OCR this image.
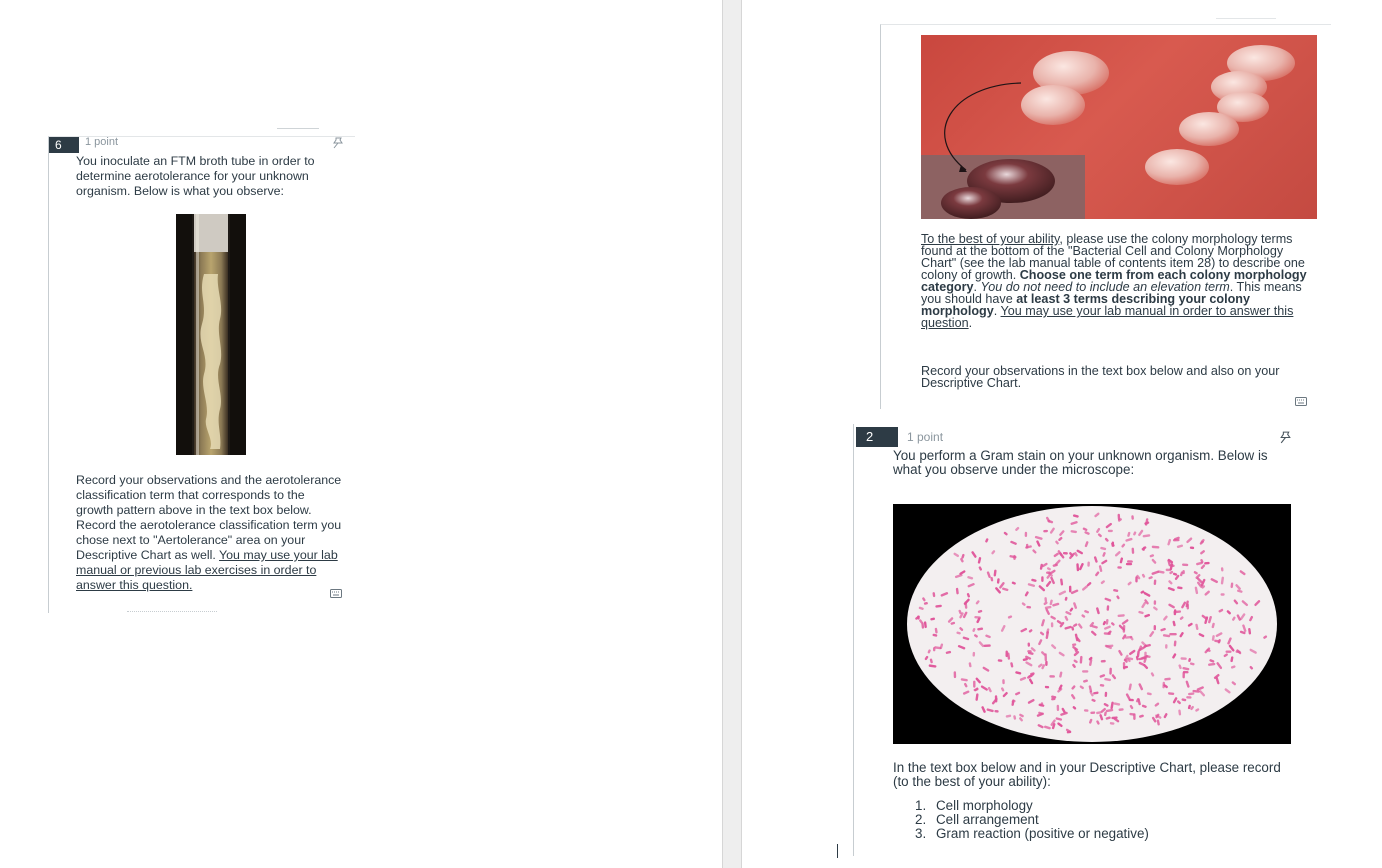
6	1 point
You inoculate an FTM broth tube in order to determine aerotolerance for your unknown organism. Below is what you observe:
Record your observations and the aerotolerance classification term that corresponds to the growth pattern above in the text box below. Record the aerotolerance classification term you chose next to "Aertolerance" area on your Descriptive Chart as well. You may use your lab manual or previous lab exercises in order to answer this question.
To the best of your ability, please use the colony morphology terms found at the bottom of the "Bacterial Cell and Colony Morphology Chart" (see the lab manual table of contents item 28) to describe one colony of growth. Choose one term from each colony morphology category. You do not need to include an elevation term. This means you should have at least 3 terms describing your colony morphology. You may use your lab manual in order to answer this question.
Record your observations in the text box below and also on your Descriptive Chart.
2	1 point
You perform a Gram stain on your unknown organism. Below is what you observe under the microscope:
In the text box below and in your Descriptive Chart, please record (to the best of your ability):
1. Cell morphology
2. Cell arrangement
3. Gram reaction (positive or negative)
